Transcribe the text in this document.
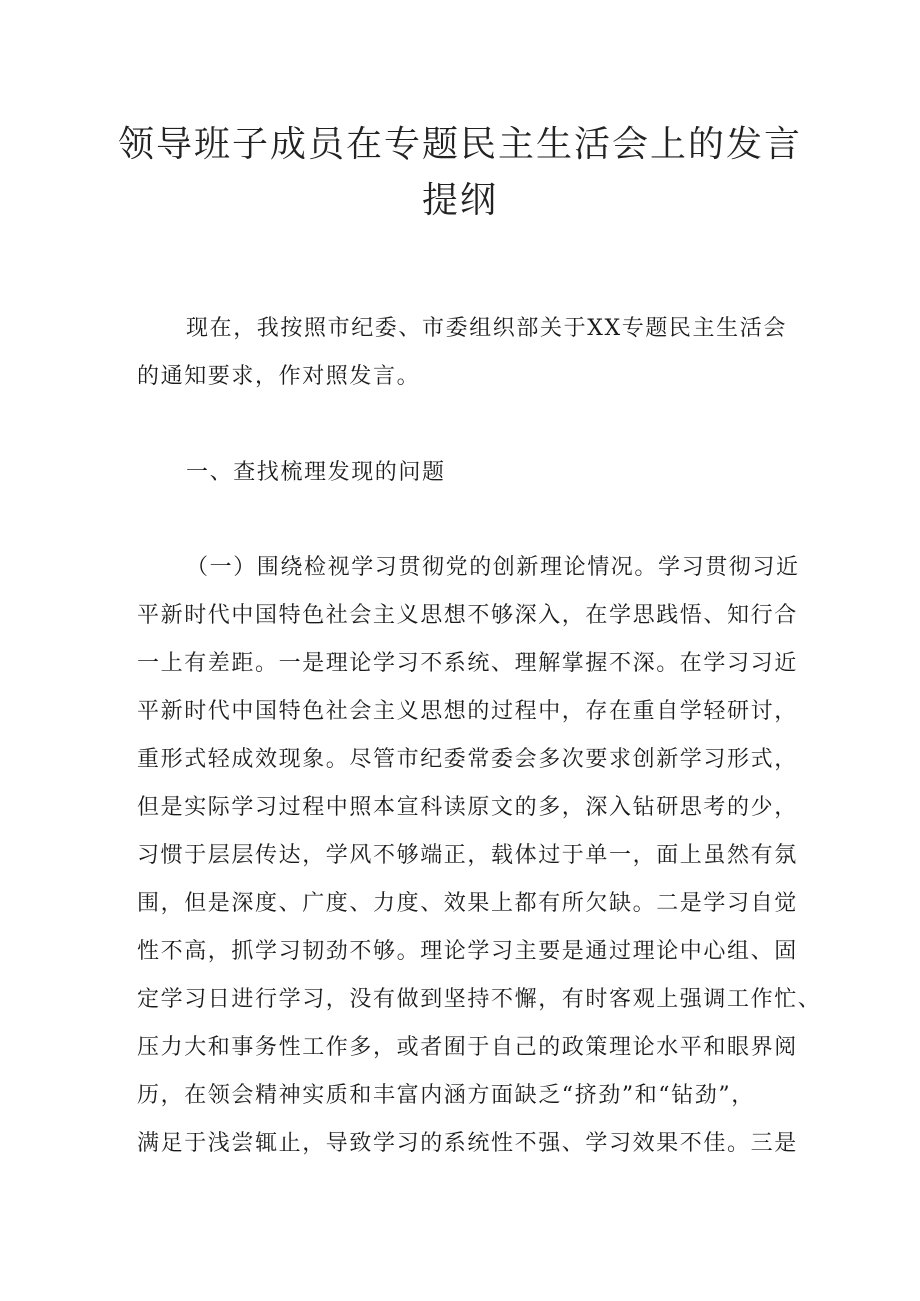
领导班子成员在专题民主生活会上的发言
提纲

现在，我按照市纪委、市委组织部关于XX专题民主生活会

的通知要求，作对照发言。

一、查找梳理发现的问题

（一）围绕检视学习贯彻党的创新理论情况。学习贯彻习近

平新时代中国特色社会主义思想不够深入，在学思践悟、知行合

一上有差距。一是理论学习不系统、理解掌握不深。在学习习近

平新时代中国特色社会主义思想的过程中，存在重自学轻研讨，

重形式轻成效现象。尽管市纪委常委会多次要求创新学习形式，

但是实际学习过程中照本宣科读原文的多，深入钻研思考的少，

习惯于层层传达，学风不够端正，载体过于单一，面上虽然有氛

围，但是深度、广度、力度、效果上都有所欠缺。二是学习自觉

性不高，抓学习韧劲不够。理论学习主要是通过理论中心组、固

定学习日进行学习，没有做到坚持不懈，有时客观上强调工作忙、

压力大和事务性工作多，或者囿于自己的政策理论水平和眼界阅

历，在领会精神实质和丰富内涵方面缺乏“挤劲”和“钻劲”，

满足于浅尝辄止，导致学习的系统性不强、学习效果不佳。三是
